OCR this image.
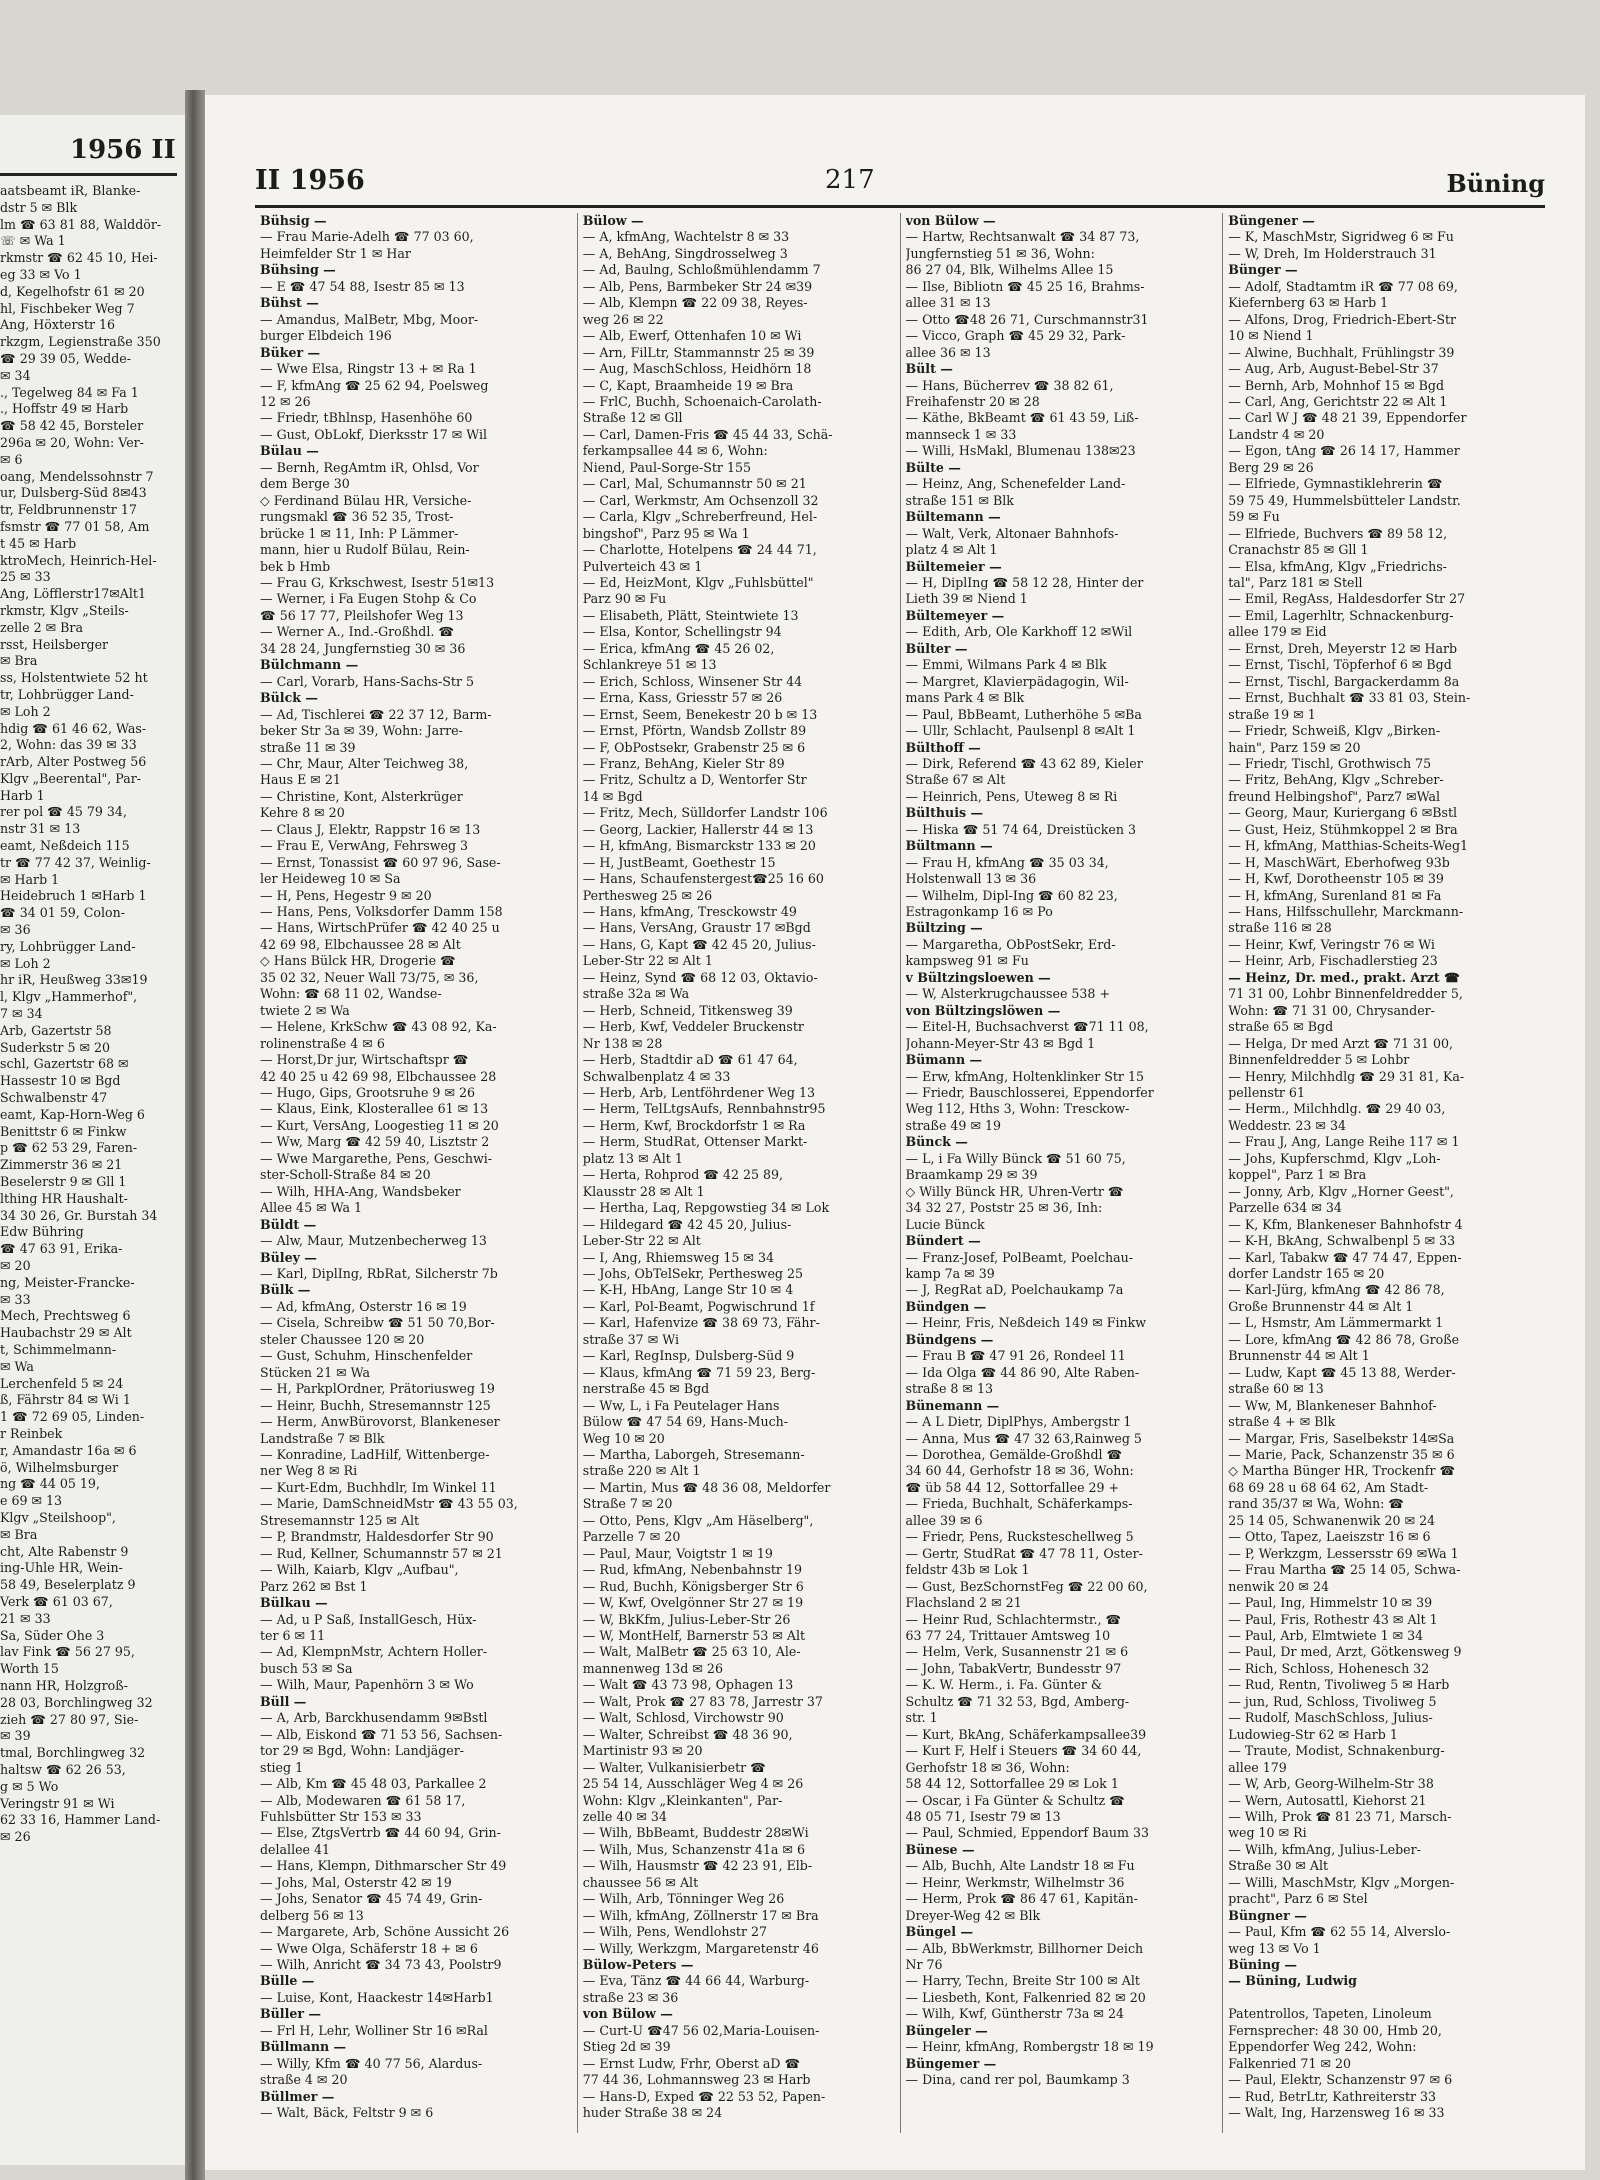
1956 II
aatsbeamt iR, Blanke-
dstr 5 ✉ Blk
lm ☎ 63 81 88, Walddör-
☏ ✉ Wa 1
rkmstr ☎ 62 45 10, Hei-
eg 33 ✉ Vo 1
d, Kegelhofstr 61 ✉ 20
hl, Fischbeker Weg 7
Ang, Höxterstr 16
rkzgm, Legienstraße 350
☎ 29 39 05, Wedde-
✉ 34
., Tegelweg 84 ✉ Fa 1
., Hoffstr 49 ✉ Harb
☎ 58 42 45, Borsteler
296a ✉ 20, Wohn: Ver-
✉ 6
oang, Mendelssohnstr 7
ur, Dulsberg-Süd 8✉43
tr, Feldbrunnenstr 17
fsmstr ☎ 77 01 58, Am
t 45 ✉ Harb
ktroMech, Heinrich-Hel-
25 ✉ 33
Ang, Löfflerstr17✉Alt1
rkmstr, Klgv „Steils-
zelle 2 ✉ Bra
rsst, Heilsberger
✉ Bra
ss, Holstentwiete 52 ht
tr, Lohbrügger Land-
✉ Loh 2
hdig ☎ 61 46 62, Was-
2, Wohn: das 39 ✉ 33
rArb, Alter Postweg 56
Klgv „Beerental", Par-
Harb 1
rer pol ☎ 45 79 34,
nstr 31 ✉ 13
eamt, Neßdeich 115
tr ☎ 77 42 37, Weinlig-
✉ Harb 1
Heidebruch 1 ✉Harb 1
☎ 34 01 59, Colon-
✉ 36
ry, Lohbrügger Land-
✉ Loh 2
hr iR, Heußweg 33✉19
l, Klgv „Hammerhof",
7 ✉ 34
Arb, Gazertstr 58
Suderkstr 5 ✉ 20
schl, Gazertstr 68 ✉
Hassestr 10 ✉ Bgd
Schwalbenstr 47
eamt, Kap-Horn-Weg 6
Benittstr 6 ✉ Finkw
p ☎ 62 53 29, Faren-
Zimmerstr 36 ✉ 21
Beselerstr 9 ✉ Gll 1
lthing HR Haushalt-
34 30 26, Gr. Burstah 34
Edw Bühring
☎ 47 63 91, Erika-
✉ 20
ng, Meister-Francke-
✉ 33
Mech, Prechtsweg 6
Haubachstr 29 ✉ Alt
t, Schimmelmann-
✉ Wa
Lerchenfeld 5 ✉ 24
ß, Fährstr 84 ✉ Wi 1
1 ☎ 72 69 05, Linden-
r Reinbek
r, Amandastr 16a ✉ 6
ö, Wilhelmsburger
ng ☎ 44 05 19,
e 69 ✉ 13
Klgv „Steilshoop",
✉ Bra
cht, Alte Rabenstr 9
ing-Uhle HR, Wein-
58 49, Beselerplatz 9
Verk ☎ 61 03 67,
21 ✉ 33
Sa, Süder Ohe 3
lav Fink ☎ 56 27 95,
Worth 15
nann HR, Holzgroß-
28 03, Borchlingweg 32
zieh ☎ 27 80 97, Sie-
✉ 39
tmal, Borchlingweg 32
haltsw ☎ 62 26 53,
g ✉ 5 Wo
Veringstr 91 ✉ Wi
62 33 16, Hammer Land-
✉ 26
II 1956	217	Büning
Bühsig —
— Frau Marie-Adelh ☎ 77 03 60,
Heimfelder Str 1 ✉ Har
Bühsing —
— E ☎ 47 54 88, Isestr 85 ✉ 13
Bühst —
— Amandus, MalBetr, Mbg, Moor-
burger Elbdeich 196
Büker —
— Wwe Elsa, Ringstr 13 + ✉ Ra 1
— F, kfmAng ☎ 25 62 94, Poelsweg
12 ✉ 26
— Friedr, tBhlnsp, Hasenhöhe 60
— Gust, ObLokf, Dierksstr 17 ✉ Wil
Bülau —
— Bernh, RegAmtm iR, Ohlsd, Vor
dem Berge 30
◇ Ferdinand Bülau HR, Versiche-
rungsmakl ☎ 36 52 35, Trost-
brücke 1 ✉ 11, Inh: P Lämmer-
mann, hier u Rudolf Bülau, Rein-
bek b Hmb
— Frau G, Krkschwest, Isestr 51✉13
— Werner, i Fa Eugen Stohp & Co
☎ 56 17 77, Pleilshofer Weg 13
— Werner A., Ind.-Großhdl. ☎
34 28 24, Jungfernstieg 30 ✉ 36
Bülchmann —
— Carl, Vorarb, Hans-Sachs-Str 5
Bülck —
— Ad, Tischlerei ☎ 22 37 12, Barm-
beker Str 3a ✉ 39, Wohn: Jarre-
straße 11 ✉ 39
— Chr, Maur, Alter Teichweg 38,
Haus E ✉ 21
— Christine, Kont, Alsterkrüger
Kehre 8 ✉ 20
— Claus J, Elektr, Rappstr 16 ✉ 13
— Frau E, VerwAng, Fehrsweg 3
— Ernst, Tonassist ☎ 60 97 96, Sase-
ler Heideweg 10 ✉ Sa
— H, Pens, Hegestr 9 ✉ 20
— Hans, Pens, Volksdorfer Damm 158
— Hans, WirtschPrüfer ☎ 42 40 25 u
42 69 98, Elbchaussee 28 ✉ Alt
◇ Hans Bülck HR, Drogerie ☎
35 02 32, Neuer Wall 73/75, ✉ 36,
Wohn: ☎ 68 11 02, Wandse-
twiete 2 ✉ Wa
— Helene, KrkSchw ☎ 43 08 92, Ka-
rolinenstraße 4 ✉ 6
— Horst,Dr jur, Wirtschaftspr ☎
42 40 25 u 42 69 98, Elbchaussee 28
— Hugo, Gips, Grootsruhe 9 ✉ 26
— Klaus, Eink, Klosterallee 61 ✉ 13
— Kurt, VersAng, Loogestieg 11 ✉ 20
— Ww, Marg ☎ 42 59 40, Lisztstr 2
— Wwe Margarethe, Pens, Geschwi-
ster-Scholl-Straße 84 ✉ 20
— Wilh, HHA-Ang, Wandsbeker
Allee 45 ✉ Wa 1
Büldt —
— Alw, Maur, Mutzenbecherweg 13
Büley —
— Karl, DiplIng, RbRat, Silcherstr 7b
Bülk —
— Ad, kfmAng, Osterstr 16 ✉ 19
— Cisela, Schreibw ☎ 51 50 70,Bor-
steler Chaussee 120 ✉ 20
— Gust, Schuhm, Hinschenfelder
Stücken 21 ✉ Wa
— H, ParkplOrdner, Prätoriusweg 19
— Heinr, Buchh, Stresemannstr 125
— Herm, AnwBürovorst, Blankeneser
Landstraße 7 ✉ Blk
— Konradine, LadHilf, Wittenberge-
ner Weg 8 ✉ Ri
— Kurt-Edm, Buchhdlr, Im Winkel 11
— Marie, DamSchneidMstr ☎ 43 55 03,
Stresemannstr 125 ✉ Alt
— P, Brandmstr, Haldesdorfer Str 90
— Rud, Kellner, Schumannstr 57 ✉ 21
— Wilh, Kaiarb, Klgv „Aufbau",
Parz 262 ✉ Bst 1
Bülkau —
— Ad, u P Saß, InstallGesch, Hüx-
ter 6 ✉ 11
— Ad, KlempnMstr, Achtern Holler-
busch 53 ✉ Sa
— Wilh, Maur, Papenhörn 3 ✉ Wo
Büll —
— A, Arb, Barckhusendamm 9✉Bstl
— Alb, Eiskond ☎ 71 53 56, Sachsen-
tor 29 ✉ Bgd, Wohn: Landjäger-
stieg 1
— Alb, Km ☎ 45 48 03, Parkallee 2
— Alb, Modewaren ☎ 61 58 17,
Fuhlsbütter Str 153 ✉ 33
— Else, ZtgsVertrb ☎ 44 60 94, Grin-
delallee 41
— Hans, Klempn, Dithmarscher Str 49
— Johs, Mal, Osterstr 42 ✉ 19
— Johs, Senator ☎ 45 74 49, Grin-
delberg 56 ✉ 13
— Margarete, Arb, Schöne Aussicht 26
— Wwe Olga, Schäferstr 18 + ✉ 6
— Wilh, Anricht ☎ 34 73 43, Poolstr9
Bülle —
— Luise, Kont, Haackestr 14✉Harb1
Büller —
— Frl H, Lehr, Wolliner Str 16 ✉Ral
Büllmann —
— Willy, Kfm ☎ 40 77 56, Alardus-
straße 4 ✉ 20
Büllmer —
— Walt, Bäck, Feltstr 9 ✉ 6
Bülow —
— A, kfmAng, Wachtelstr 8 ✉ 33
— A, BehAng, Singdrosselweg 3
— Ad, Baulng, Schloßmühlendamm 7
— Alb, Pens, Barmbeker Str 24 ✉39
— Alb, Klempn ☎ 22 09 38, Reyes-
weg 26 ✉ 22
— Alb, Ewerf, Ottenhafen 10 ✉ Wi
— Arn, FilLtr, Stammannstr 25 ✉ 39
— Aug, MaschSchloss, Heidhörn 18
— C, Kapt, Braamheide 19 ✉ Bra
— FrlC, Buchh, Schoenaich-Carolath-
Straße 12 ✉ Gll
— Carl, Damen-Fris ☎ 45 44 33, Schä-
ferkampsallee 44 ✉ 6, Wohn:
Niend, Paul-Sorge-Str 155
— Carl, Mal, Schumannstr 50 ✉ 21
— Carl, Werkmstr, Am Ochsenzoll 32
— Carla, Klgv „Schreberfreund, Hel-
bingshof", Parz 95 ✉ Wa 1
— Charlotte, Hotelpens ☎ 24 44 71,
Pulverteich 43 ✉ 1
— Ed, HeizMont, Klgv „Fuhlsbüttel"
Parz 90 ✉ Fu
— Elisabeth, Plätt, Steintwiete 13
— Elsa, Kontor, Schellingstr 94
— Erica, kfmAng ☎ 45 26 02,
Schlankreye 51 ✉ 13
— Erich, Schloss, Winsener Str 44
— Erna, Kass, Griesstr 57 ✉ 26
— Ernst, Seem, Benekestr 20 b ✉ 13
— Ernst, Pförtn, Wandsb Zollstr 89
— F, ObPostsekr, Grabenstr 25 ✉ 6
— Franz, BehAng, Kieler Str 89
— Fritz, Schultz a D, Wentorfer Str
14 ✉ Bgd
— Fritz, Mech, Sülldorfer Landstr 106
— Georg, Lackier, Hallerstr 44 ✉ 13
— H, kfmAng, Bismarckstr 133 ✉ 20
— H, JustBeamt, Goethestr 15
— Hans, Schaufenstergest☎25 16 60
Perthesweg 25 ✉ 26
— Hans, kfmAng, Tresckowstr 49
— Hans, VersAng, Graustr 17 ✉Bgd
— Hans, G, Kapt ☎ 42 45 20, Julius-
Leber-Str 22 ✉ Alt 1
— Heinz, Synd ☎ 68 12 03, Oktavio-
straße 32a ✉ Wa
— Herb, Schneid, Titkensweg 39
— Herb, Kwf, Veddeler Bruckenstr
Nr 138 ✉ 28
— Herb, Stadtdir aD ☎ 61 47 64,
Schwalbenplatz 4 ✉ 33
— Herb, Arb, Lentföhrdener Weg 13
— Herm, TelLtgsAufs, Rennbahnstr95
— Herm, Kwf, Brockdorfstr 1 ✉ Ra
— Herm, StudRat, Ottenser Markt-
platz 13 ✉ Alt 1
— Herta, Rohprod ☎ 42 25 89,
Klausstr 28 ✉ Alt 1
— Hertha, Laq, Repgowstieg 34 ✉ Lok
— Hildegard ☎ 42 45 20, Julius-
Leber-Str 22 ✉ Alt
— I, Ang, Rhiemsweg 15 ✉ 34
— Johs, ObTelSekr, Perthesweg 25
— K-H, HbAng, Lange Str 10 ✉ 4
— Karl, Pol-Beamt, Pogwischrund 1f
— Karl, Hafenvize ☎ 38 69 73, Fähr-
straße 37 ✉ Wi
— Karl, RegInsp, Dulsberg-Süd 9
— Klaus, kfmAng ☎ 71 59 23, Berg-
nerstraße 45 ✉ Bgd
— Ww, L, i Fa Peutelager Hans
Bülow ☎ 47 54 69, Hans-Much-
Weg 10 ✉ 20
— Martha, Laborgeh, Stresemann-
straße 220 ✉ Alt 1
— Martin, Mus ☎ 48 36 08, Meldorfer
Straße 7 ✉ 20
— Otto, Pens, Klgv „Am Häselberg",
Parzelle 7 ✉ 20
— Paul, Maur, Voigtstr 1 ✉ 19
— Rud, kfmAng, Nebenbahnstr 19
— Rud, Buchh, Königsberger Str 6
— W, Kwf, Ovelgönner Str 27 ✉ 19
— W, BkKfm, Julius-Leber-Str 26
— W, MontHelf, Barnerstr 53 ✉ Alt
— Walt, MalBetr ☎ 25 63 10, Ale-
mannenweg 13d ✉ 26
— Walt ☎ 43 73 98, Ophagen 13
— Walt, Prok ☎ 27 83 78, Jarrestr 37
— Walt, Schlosd, Virchowstr 90
— Walter, Schreibst ☎ 48 36 90,
Martinistr 93 ✉ 20
— Walter, Vulkanisierbetr ☎
25 54 14, Ausschläger Weg 4 ✉ 26
Wohn: Klgv „Kleinkanten", Par-
zelle 40 ✉ 34
— Wilh, BbBeamt, Buddestr 28✉Wi
— Wilh, Mus, Schanzenstr 41a ✉ 6
— Wilh, Hausmstr ☎ 42 23 91, Elb-
chaussee 56 ✉ Alt
— Wilh, Arb, Tönninger Weg 26
— Wilh, kfmAng, Zöllnerstr 17 ✉ Bra
— Wilh, Pens, Wendlohstr 27
— Willy, Werkzgm, Margaretenstr 46
Bülow-Peters —
— Eva, Tänz ☎ 44 66 44, Warburg-
straße 23 ✉ 36
von Bülow —
— Curt-U ☎47 56 02,Maria-Louisen-
Stieg 2d ✉ 39
— Ernst Ludw, Frhr, Oberst aD ☎
77 44 36, Lohmannsweg 23 ✉ Harb
— Hans-D, Exped ☎ 22 53 52, Papen-
huder Straße 38 ✉ 24
von Bülow —
— Hartw, Rechtsanwalt ☎ 34 87 73,
Jungfernstieg 51 ✉ 36, Wohn:
86 27 04, Blk, Wilhelms Allee 15
— Ilse, Bibliotn ☎ 45 25 16, Brahms-
allee 31 ✉ 13
— Otto ☎48 26 71, Curschmannstr31
— Vicco, Graph ☎ 45 29 32, Park-
allee 36 ✉ 13
Bült —
— Hans, Bücherrev ☎ 38 82 61,
Freihafenstr 20 ✉ 28
— Käthe, BkBeamt ☎ 61 43 59, Liß-
mannseck 1 ✉ 33
— Willi, HsMakl, Blumenau 138✉23
Bülte —
— Heinz, Ang, Schenefelder Land-
straße 151 ✉ Blk
Bültemann —
— Walt, Verk, Altonaer Bahnhofs-
platz 4 ✉ Alt 1
Bültemeier —
— H, DiplIng ☎ 58 12 28, Hinter der
Lieth 39 ✉ Niend 1
Bültemeyer —
— Edith, Arb, Ole Karkhoff 12 ✉Wil
Bülter —
— Emmi, Wilmans Park 4 ✉ Blk
— Margret, Klavierpädagogin, Wil-
mans Park 4 ✉ Blk
— Paul, BbBeamt, Lutherhöhe 5 ✉Ba
— Ullr, Schlacht, Paulsenpl 8 ✉Alt 1
Bülthoff —
— Dirk, Referend ☎ 43 62 89, Kieler
Straße 67 ✉ Alt
— Heinrich, Pens, Uteweg 8 ✉ Ri
Bülthuis —
— Hiska ☎ 51 74 64, Dreistücken 3
Bültmann —
— Frau H, kfmAng ☎ 35 03 34,
Holstenwall 13 ✉ 36
— Wilhelm, Dipl-Ing ☎ 60 82 23,
Estragonkamp 16 ✉ Po
Bültzing —
— Margaretha, ObPostSekr, Erd-
kampsweg 91 ✉ Fu
v Bültzingsloewen —
— W, Alsterkrugchaussee 538 +
von Bültzingslöwen —
— Eitel-H, Buchsachverst ☎71 11 08,
Johann-Meyer-Str 43 ✉ Bgd 1
Bümann —
— Erw, kfmAng, Holtenklinker Str 15
— Friedr, Bauschlosserei, Eppendorfer
Weg 112, Hths 3, Wohn: Tresckow-
straße 49 ✉ 19
Bünck —
— L, i Fa Willy Bünck ☎ 51 60 75,
Braamkamp 29 ✉ 39
◇ Willy Bünck HR, Uhren-Vertr ☎
34 32 27, Poststr 25 ✉ 36, Inh:
Lucie Bünck
Bündert —
— Franz-Josef, PolBeamt, Poelchau-
kamp 7a ✉ 39
— J, RegRat aD, Poelchaukamp 7a
Bündgen —
— Heinr, Fris, Neßdeich 149 ✉ Finkw
Bündgens —
— Frau B ☎ 47 91 26, Rondeel 11
— Ida Olga ☎ 44 86 90, Alte Raben-
straße 8 ✉ 13
Bünemann —
— A L Dietr, DiplPhys, Ambergstr 1
— Anna, Mus ☎ 47 32 63,Rainweg 5
— Dorothea, Gemälde-Großhdl ☎
34 60 44, Gerhofstr 18 ✉ 36, Wohn:
☎ üb 58 44 12, Sottorfallee 29 +
— Frieda, Buchhalt, Schäferkamps-
allee 39 ✉ 6
— Friedr, Pens, Rucksteschellweg 5
— Gertr, StudRat ☎ 47 78 11, Oster-
feldstr 43b ✉ Lok 1
— Gust, BezSchornstFeg ☎ 22 00 60,
Flachsland 2 ✉ 21
— Heinr Rud, Schlachtermstr., ☎
63 77 24, Trittauer Amtsweg 10
— Helm, Verk, Susannenstr 21 ✉ 6
— John, TabakVertr, Bundesstr 97
— K. W. Herm., i. Fa. Günter &
Schultz ☎ 71 32 53, Bgd, Amberg-
str. 1
— Kurt, BkAng, Schäferkampsallee39
— Kurt F, Helf i Steuers ☎ 34 60 44,
Gerhofstr 18 ✉ 36, Wohn:
58 44 12, Sottorfallee 29 ✉ Lok 1
— Oscar, i Fa Günter & Schultz ☎
48 05 71, Isestr 79 ✉ 13
— Paul, Schmied, Eppendorf Baum 33
Bünese —
— Alb, Buchh, Alte Landstr 18 ✉ Fu
— Heinr, Werkmstr, Wilhelmstr 36
— Herm, Prok ☎ 86 47 61, Kapitän-
Dreyer-Weg 42 ✉ Blk
Büngel —
— Alb, BbWerkmstr, Billhorner Deich
Nr 76
— Harry, Techn, Breite Str 100 ✉ Alt
— Liesbeth, Kont, Falkenried 82 ✉ 20
— Wilh, Kwf, Güntherstr 73a ✉ 24
Büngeler —
— Heinr, kfmAng, Rombergstr 18 ✉ 19
Büngemer —
— Dina, cand rer pol, Baumkamp 3
Büngener —
— K, MaschMstr, Sigridweg 6 ✉ Fu
— W, Dreh, Im Holderstrauch 31
Bünger —
— Adolf, Stadtamtm iR ☎ 77 08 69,
Kiefernberg 63 ✉ Harb 1
— Alfons, Drog, Friedrich-Ebert-Str
10 ✉ Niend 1
— Alwine, Buchhalt, Frühlingstr 39
— Aug, Arb, August-Bebel-Str 37
— Bernh, Arb, Mohnhof 15 ✉ Bgd
— Carl, Ang, Gerichtstr 22 ✉ Alt 1
— Carl W J ☎ 48 21 39, Eppendorfer
Landstr 4 ✉ 20
— Egon, tAng ☎ 26 14 17, Hammer
Berg 29 ✉ 26
— Elfriede, Gymnastiklehrerin ☎
59 75 49, Hummelsbütteler Landstr.
59 ✉ Fu
— Elfriede, Buchvers ☎ 89 58 12,
Cranachstr 85 ✉ Gll 1
— Elsa, kfmAng, Klgv „Friedrichs-
tal", Parz 181 ✉ Stell
— Emil, RegAss, Haldesdorfer Str 27
— Emil, Lagerhltr, Schnackenburg-
allee 179 ✉ Eid
— Ernst, Dreh, Meyerstr 12 ✉ Harb
— Ernst, Tischl, Töpferhof 6 ✉ Bgd
— Ernst, Tischl, Bargackerdamm 8a
— Ernst, Buchhalt ☎ 33 81 03, Stein-
straße 19 ✉ 1
— Friedr, Schweiß, Klgv „Birken-
hain", Parz 159 ✉ 20
— Friedr, Tischl, Grothwisch 75
— Fritz, BehAng, Klgv „Schreber-
freund Helbingshof", Parz7 ✉Wal
— Georg, Maur, Kuriergang 6 ✉Bstl
— Gust, Heiz, Stühmkoppel 2 ✉ Bra
— H, kfmAng, Matthias-Scheits-Weg1
— H, MaschWärt, Eberhofweg 93b
— H, Kwf, Dorotheenstr 105 ✉ 39
— H, kfmAng, Surenland 81 ✉ Fa
— Hans, Hilfsschullehr, Marckmann-
straße 116 ✉ 28
— Heinr, Kwf, Veringstr 76 ✉ Wi
— Heinr, Arb, Fischadlerstieg 23
— Heinz, Dr. med., prakt. Arzt ☎
71 31 00, Lohbr Binnenfeldredder 5,
Wohn: ☎ 71 31 00, Chrysander-
straße 65 ✉ Bgd
— Helga, Dr med Arzt ☎ 71 31 00,
Binnenfeldredder 5 ✉ Lohbr
— Henry, Milchhdlg ☎ 29 31 81, Ka-
pellenstr 61
— Herm., Milchhdlg. ☎ 29 40 03,
Weddestr. 23 ✉ 34
— Frau J, Ang, Lange Reihe 117 ✉ 1
— Johs, Kupferschmd, Klgv „Loh-
koppel", Parz 1 ✉ Bra
— Jonny, Arb, Klgv „Horner Geest",
Parzelle 634 ✉ 34
— K, Kfm, Blankeneser Bahnhofstr 4
— K-H, BkAng, Schwalbenpl 5 ✉ 33
— Karl, Tabakw ☎ 47 74 47, Eppen-
dorfer Landstr 165 ✉ 20
— Karl-Jürg, kfmAng ☎ 42 86 78,
Große Brunnenstr 44 ✉ Alt 1
— L, Hsmstr, Am Lämmermarkt 1
— Lore, kfmAng ☎ 42 86 78, Große
Brunnenstr 44 ✉ Alt 1
— Ludw, Kapt ☎ 45 13 88, Werder-
straße 60 ✉ 13
— Ww, M, Blankeneser Bahnhof-
straße 4 + ✉ Blk
— Margar, Fris, Saselbekstr 14✉Sa
— Marie, Pack, Schanzenstr 35 ✉ 6
◇ Martha Bünger HR, Trockenfr ☎
68 69 28 u 68 64 62, Am Stadt-
rand 35/37 ✉ Wa, Wohn: ☎
25 14 05, Schwanenwik 20 ✉ 24
— Otto, Tapez, Laeiszstr 16 ✉ 6
— P, Werkzgm, Lessersstr 69 ✉Wa 1
— Frau Martha ☎ 25 14 05, Schwa-
nenwik 20 ✉ 24
— Paul, Ing, Himmelstr 10 ✉ 39
— Paul, Fris, Rothestr 43 ✉ Alt 1
— Paul, Arb, Elmtwiete 1 ✉ 34
— Paul, Dr med, Arzt, Götkensweg 9
— Rich, Schloss, Hohenesch 32
— Rud, Rentn, Tivoliweg 5 ✉ Harb
— jun, Rud, Schloss, Tivoliweg 5
— Rudolf, MaschSchloss, Julius-
Ludowieg-Str 62 ✉ Harb 1
— Traute, Modist, Schnakenburg-
allee 179
— W, Arb, Georg-Wilhelm-Str 38
— Wern, Autosattl, Kiehorst 21
— Wilh, Prok ☎ 81 23 71, Marsch-
weg 10 ✉ Ri
— Wilh, kfmAng, Julius-Leber-
Straße 30 ✉ Alt
— Willi, MaschMstr, Klgv „Morgen-
pracht", Parz 6 ✉ Stel
Büngner —
— Paul, Kfm ☎ 62 55 14, Alverslo-
weg 13 ✉ Vo 1
Büning —
— Büning, Ludwig

Patentrollos, Tapeten, Linoleum
Fernsprecher: 48 30 00, Hmb 20,
Eppendorfer Weg 242, Wohn:
Falkenried 71 ✉ 20
— Paul, Elektr, Schanzenstr 97 ✉ 6
— Rud, BetrLtr, Kathreiterstr 33
— Walt, Ing, Harzensweg 16 ✉ 33
